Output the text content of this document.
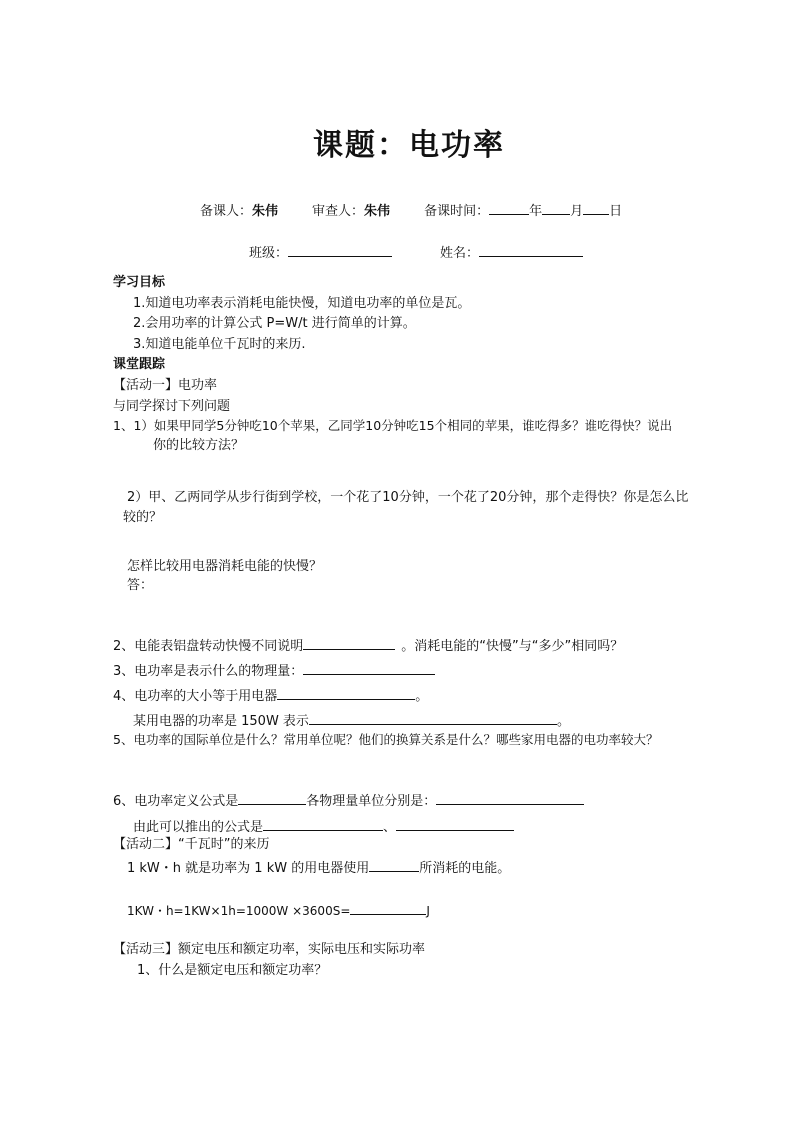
课题：电功率
备课人：朱伟	审查人：朱伟	备课时间：	年 月 日
班级：	姓名：
学习目标
1.知道电功率表示消耗电能快慢，知道电功率的单位是瓦。
2.会用功率的计算公式 P=W/t 进行简单的计算。
3.知道电能单位千瓦时的来历.
课堂跟踪
【活动一】电功率
与同学探讨下列问题
1、1）如果甲同学5分钟吃10个苹果，乙同学10分钟吃15个相同的苹果，谁吃得多？谁吃得快？说出
你的比较方法？
2）甲、乙两同学从步行街到学校，一个花了10分钟，一个花了20分钟，那个走得快？你是怎么比
较的？
怎样比较用电器消耗电能的快慢？
答：
2、电能表铝盘转动快慢不同说明	。消耗电能的“快慢”与“多少”相同吗？
3、电功率是表示什么的物理量：
4、电功率的大小等于用电器	。
某用电器的功率是 150W 表示	。
5、电功率的国际单位是什么？常用单位呢？他们的换算关系是什么？哪些家用电器的电功率较大？
6、电功率定义公式是	各物理量单位分别是：
由此可以推出的公式是	、
【活动二】“千瓦时”的来历
1 kW・h 就是功率为 1 kW 的用电器使用	所消耗的电能。
1KW・h=1KW×1h=1000W ×3600S=	J
【活动三】额定电压和额定功率，实际电压和实际功率
1、什么是额定电压和额定功率？
